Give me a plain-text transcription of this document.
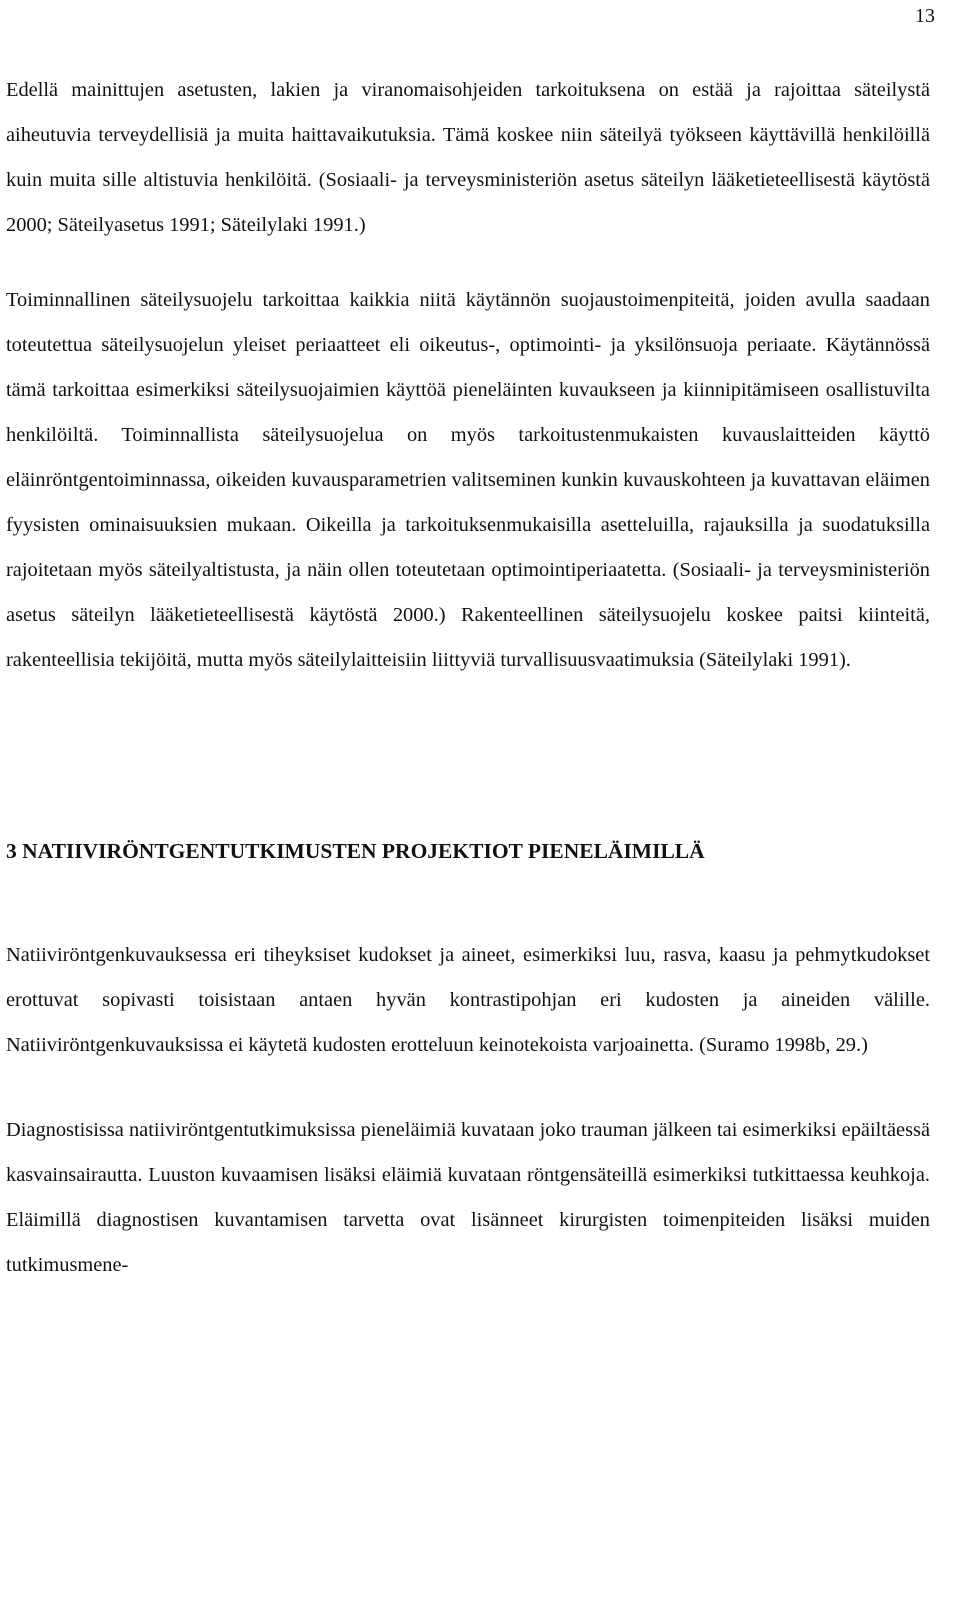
13

Edellä mainittujen asetusten, lakien ja viranomaisohjeiden tarkoituksena on estää ja rajoittaa säteilystä aiheutuvia terveydellisiä ja muita haittavaikutuksia. Tämä koskee niin säteilyä työkseen käyttävillä henkilöillä kuin muita sille altistuvia henkilöitä. (Sosiaali- ja terveysministeriön asetus säteilyn lääketieteellisestä käytöstä 2000; Säteilyasetus 1991; Säteilylaki 1991.)

Toiminnallinen säteilysuojelu tarkoittaa kaikkia niitä käytännön suojaustoimenpiteitä, joiden avulla saadaan toteutettua säteilysuojelun yleiset periaatteet eli oikeutus-, optimointi- ja yksilönsuoja periaate. Käytännössä tämä tarkoittaa esimerkiksi säteilysuojaimien käyttöä pieneläinten kuvaukseen ja kiinnipitämiseen osallistuvilta henkilöiltä. Toiminnallista säteilysuojelua on myös tarkoitustenmukaisten kuvauslaitteiden käyttö eläinröntgentoiminnassa, oikeiden kuvausparametrien valitseminen kunkin kuvauskohteen ja kuvattavan eläimen fyysisten ominaisuuksien mukaan. Oikeilla ja tarkoituksenmukaisilla asetteluilla, rajauksilla ja suodatuksilla rajoitetaan myös säteilyaltistusta, ja näin ollen toteutetaan optimointiperiaatetta. (Sosiaali- ja terveysministeriön asetus säteilyn lääketieteellisestä käytöstä 2000.) Rakenteellinen säteilysuojelu koskee paitsi kiinteitä, rakenteellisia tekijöitä, mutta myös säteilylaitteisiin liittyviä turvallisuusvaatimuksia (Säteilylaki 1991).

3 NATIIVIRÖNTGENTUTKIMUSTEN PROJEKTIOT PIENELÄIMILLÄ

Natiiviröntgenkuvauksessa eri tiheyksiset kudokset ja aineet, esimerkiksi luu, rasva, kaasu ja pehmytkudokset erottuvat sopivasti toisistaan antaen hyvän kontrastipohjan eri kudosten ja aineiden välille. Natiiviröntgenkuvauksissa ei käytetä kudosten erotteluun keinotekoista varjoainetta. (Suramo 1998b, 29.)

Diagnostisissa natiiviröntgentutkimuksissa pieneläimiä kuvataan joko trauman jälkeen tai esimerkiksi epäiltäessä kasvainsairautta. Luuston kuvaamisen lisäksi eläimiä kuvataan röntgensäteillä esimerkiksi tutkittaessa keuhkoja. Eläimillä diagnostisen kuvantamisen tarvetta ovat lisänneet kirurgisten toimenpiteiden lisäksi muiden tutkimusmene-
